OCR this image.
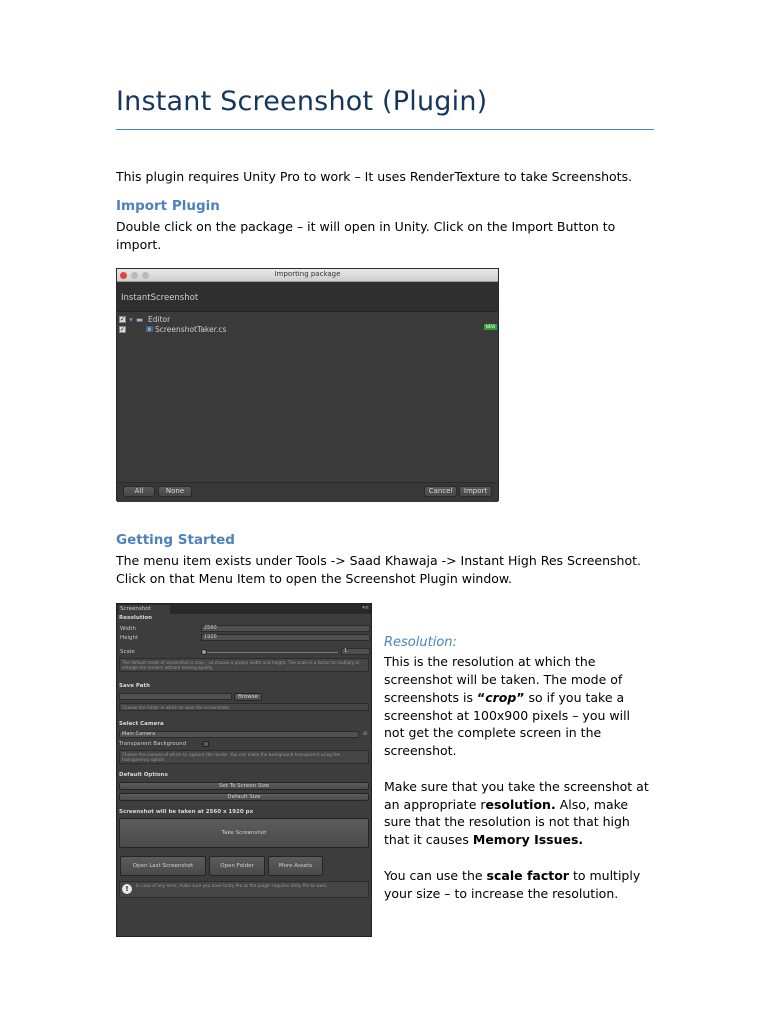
Instant Screenshot (Plugin)
This plugin requires Unity Pro to work – It uses RenderTexture to take Screenshots.
Import Plugin
Double click on the package – it will open in Unity. Click on the Import Button to
import.
Importing package
InstantScreenshot
✓ ▾ ▬ Editor
✓	▣ ScreenshotTaker.cs	NEW
All	None	Cancel	Import
Getting Started
The menu item exists under Tools -> Saad Khawaja -> Instant High Res Screenshot.
Click on that Menu Item to open the Screenshot Plugin window.
Screenshot	▾≡
Resolution
Width	2560
Height	1920
Scale	1
The default mode of screenshot is crop – so choose a proper width and height. The scale is a factor to multiply or enlarge the renders without loosing quality.
Save Path
Browse
Choose the folder in which to save the screenshots
Select Camera
Main Camera	⊙
Transparent Background
Choose the camera of which to capture the render. You can make the background transparent using the transparency option.
Default Options
Set To Screen Size
Default Size
Screenshot will be taken at 2560 x 1920 px
Take Screenshot
Open Last Screenshot	Open Folder	More Assets
In case of any error, make sure you have Unity Pro as the plugin requires Unity Pro to work.
!
Resolution:
This is the resolution at which the
screenshot will be taken. The mode of
screenshots is “crop” so if you take a
screenshot at 100x900 pixels – you will
not get the complete screen in the
screenshot.
Make sure that you take the screenshot at
an appropriate resolution. Also, make
sure that the resolution is not that high
that it causes Memory Issues.
You can use the scale factor to multiply
your size – to increase the resolution.
